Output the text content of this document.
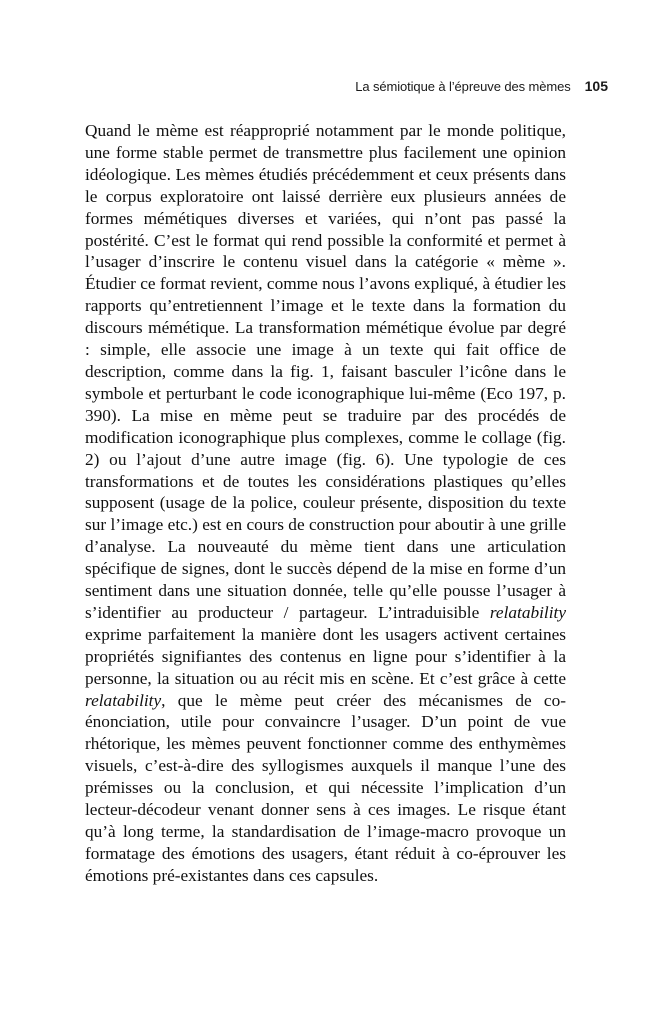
La sémiotique à l’épreuve des mèmes 105

Quand le mème est réapproprié notamment par le monde politique, une forme stable permet de transmettre plus facilement une opinion idéologique. Les mèmes étudiés précédemment et ceux présents dans le corpus exploratoire ont laissé derrière eux plusieurs années de formes mémétiques diverses et variées, qui n’ont pas passé la postérité. C’est le format qui rend possible la conformité et permet à l’usager d’inscrire le contenu visuel dans la catégorie « mème ». Étudier ce format revient, comme nous l’avons expliqué, à étudier les rapports qu’entretiennent l’image et le texte dans la formation du discours mémétique. La transformation mémétique évolue par degré : simple, elle associe une image à un texte qui fait office de description, comme dans la fig. 1, faisant basculer l’icône dans le symbole et perturbant le code iconographique lui-même (Eco 197, p. 390). La mise en mème peut se traduire par des procédés de modification iconographique plus complexes, comme le collage (fig. 2) ou l’ajout d’une autre image (fig. 6). Une typologie de ces transformations et de toutes les considérations plastiques qu’elles supposent (usage de la police, couleur présente, disposition du texte sur l’image etc.) est en cours de construction pour aboutir à une grille d’analyse. La nouveauté du mème tient dans une articulation spécifique de signes, dont le succès dépend de la mise en forme d’un sentiment dans une situation donnée, telle qu’elle pousse l’usager à s’identifier au producteur / partageur. L’intraduisible relatability exprime parfaitement la manière dont les usagers activent certaines propriétés signifiantes des contenus en ligne pour s’identifier à la personne, la situation ou au récit mis en scène. Et c’est grâce à cette relatability, que le mème peut créer des mécanismes de co-énonciation, utile pour convaincre l’usager. D’un point de vue rhétorique, les mèmes peuvent fonctionner comme des enthymèmes visuels, c’est-à-dire des syllogismes auxquels il manque l’une des prémisses ou la conclusion, et qui nécessite l’implication d’un lecteur-décodeur venant donner sens à ces images. Le risque étant qu’à long terme, la standardisation de l’image-macro provoque un formatage des émotions des usagers, étant réduit à co-éprouver les émotions pré-existantes dans ces capsules.
